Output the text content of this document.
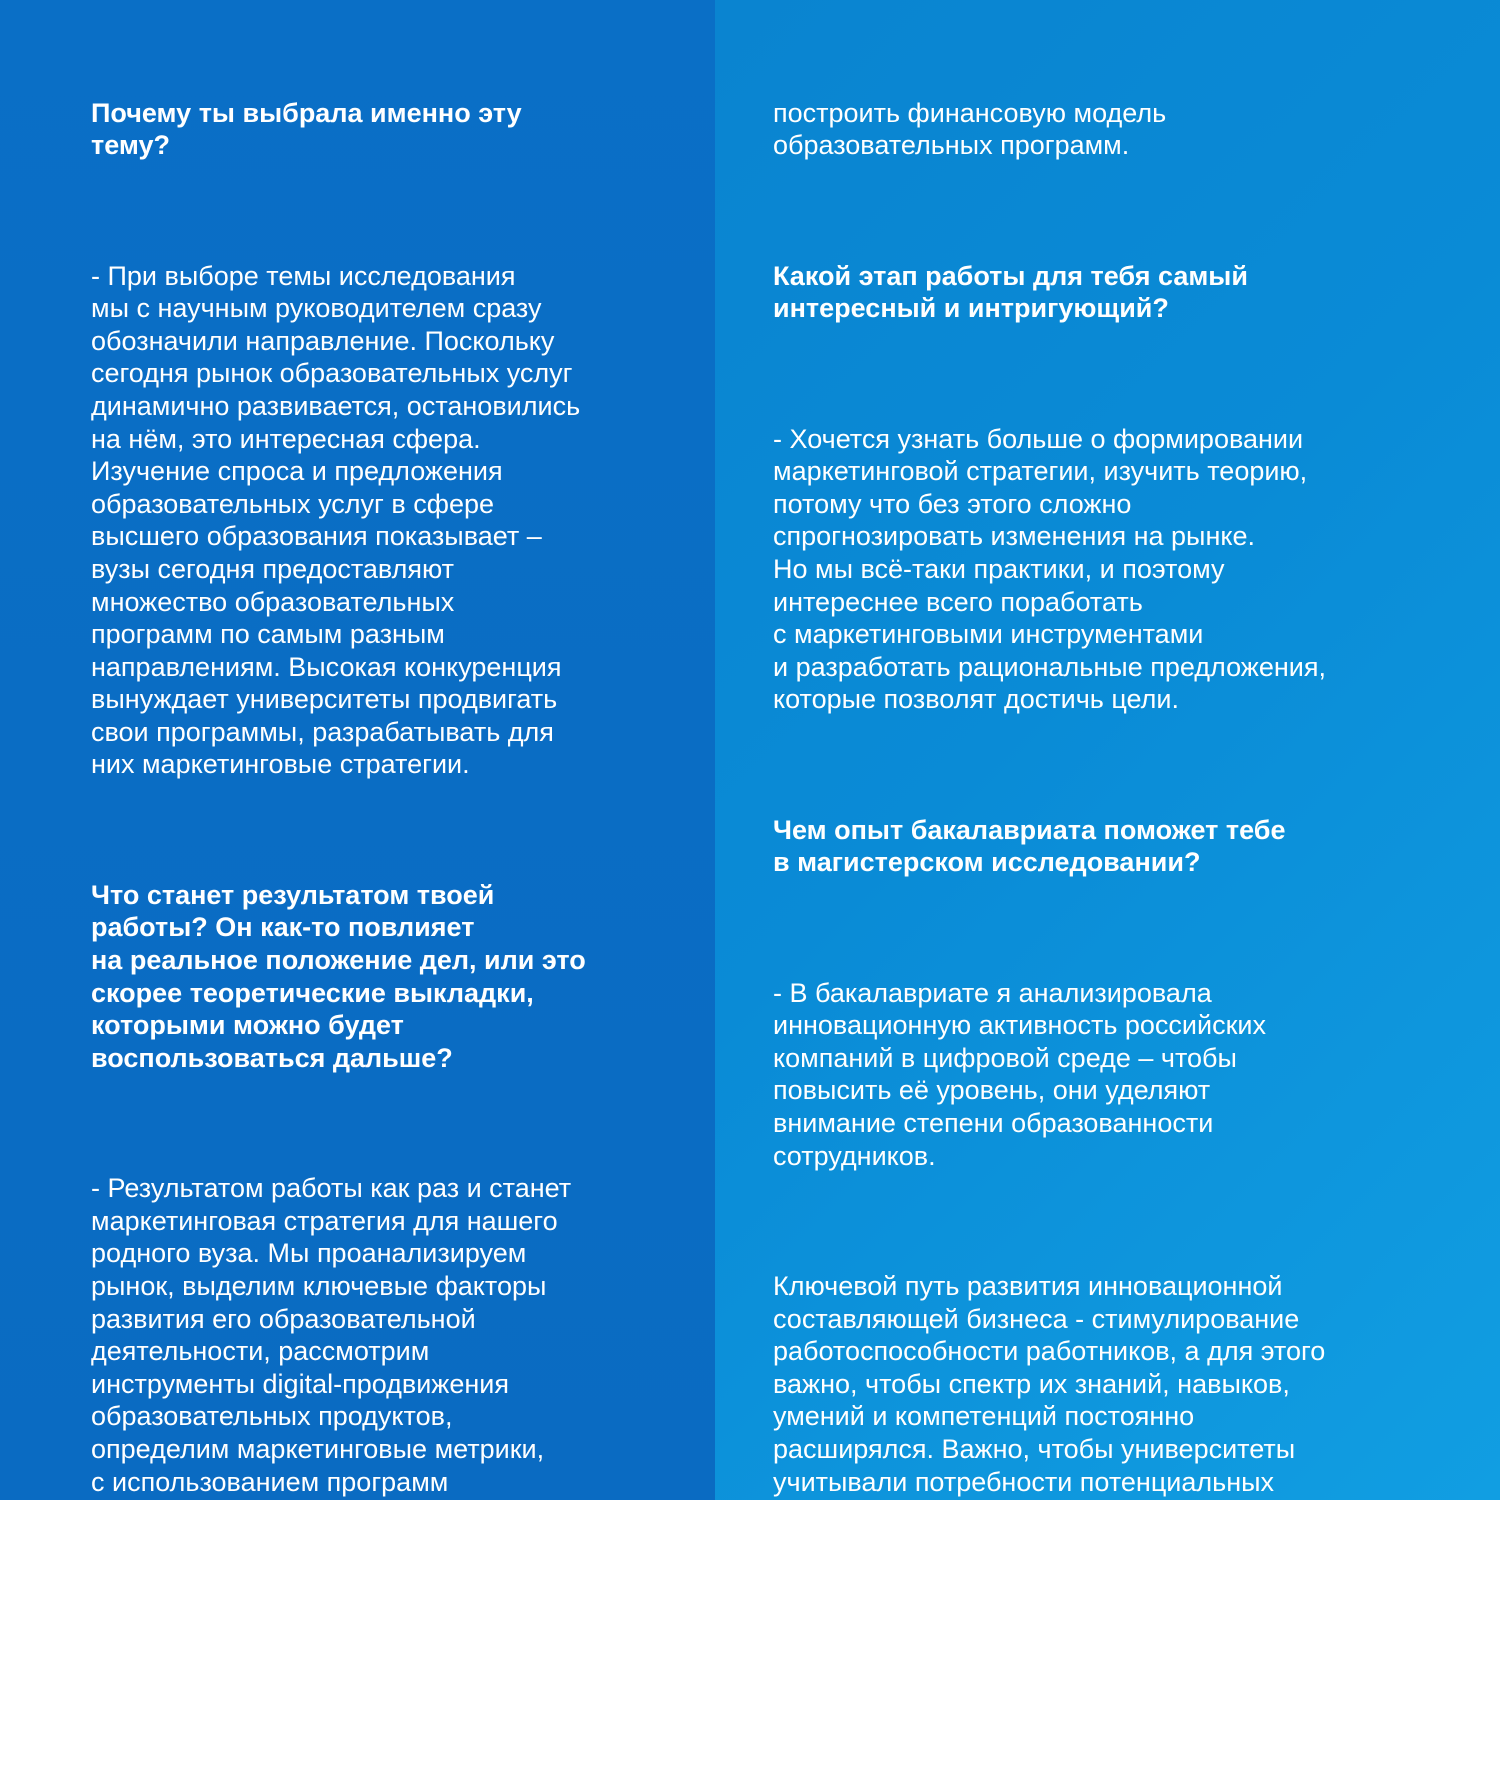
Почему ты выбрала именно эту
тему?

- При выборе темы исследования
мы с научным руководителем сразу
обозначили направление. Поскольку
сегодня рынок образовательных услуг
динамично развивается, остановились
на нём, это интересная сфера.
Изучение спроса и предложения
образовательных услуг в сфере
высшего образования показывает –
вузы сегодня предоставляют
множество образовательных
программ по самым разным
направлениям. Высокая конкуренция
вынуждает университеты продвигать
свои программы, разрабатывать для
них маркетинговые стратегии.

Что станет результатом твоей
работы? Он как-то повлияет
на реальное положение дел, или это
скорее теоретические выкладки,
которыми можно будет
воспользоваться дальше?

- Результатом работы как раз и станет
маркетинговая стратегия для нашего
родного вуза. Мы проанализируем
рынок, выделим ключевые факторы
развития его образовательной
деятельности, рассмотрим
инструменты digital-продвижения
образовательных продуктов,
определим маркетинговые метрики,
с использованием программ
предиктивной аналитики выявим
тренды развития рынка труда
в современных экономических
условиях, а юнит-экономика позволит

построить финансовую модель
образовательных программ.

Какой этап работы для тебя самый
интересный и интригующий?

- Хочется узнать больше о формировании
маркетинговой стратегии, изучить теорию,
потому что без этого сложно
спрогнозировать изменения на рынке.
Но мы всё-таки практики, и поэтому
интереснее всего поработать
с маркетинговыми инструментами
и разработать рациональные предложения,
которые позволят достичь цели.

Чем опыт бакалавриата поможет тебе
в магистерском исследовании?

- В бакалавриате я анализировала
инновационную активность российских
компаний в цифровой среде – чтобы
повысить её уровень, они уделяют
внимание степени образованности
сотрудников.

Ключевой путь развития инновационной
составляющей бизнеса - стимулирование
работоспособности работников, а для этого
важно, чтобы спектр их знаний, навыков,
умений и компетенций постоянно
расширялся. Важно, чтобы университеты
учитывали потребности потенциальных
работодателей, их требования
к квалификации потенциальных
сотрудников. Благодаря бакалаврской
работе мы эффективнее сформулируем
предложения по трансформации
образовательного процесса, чтобы сделать
программы вуза более
конкурентоспособными.
